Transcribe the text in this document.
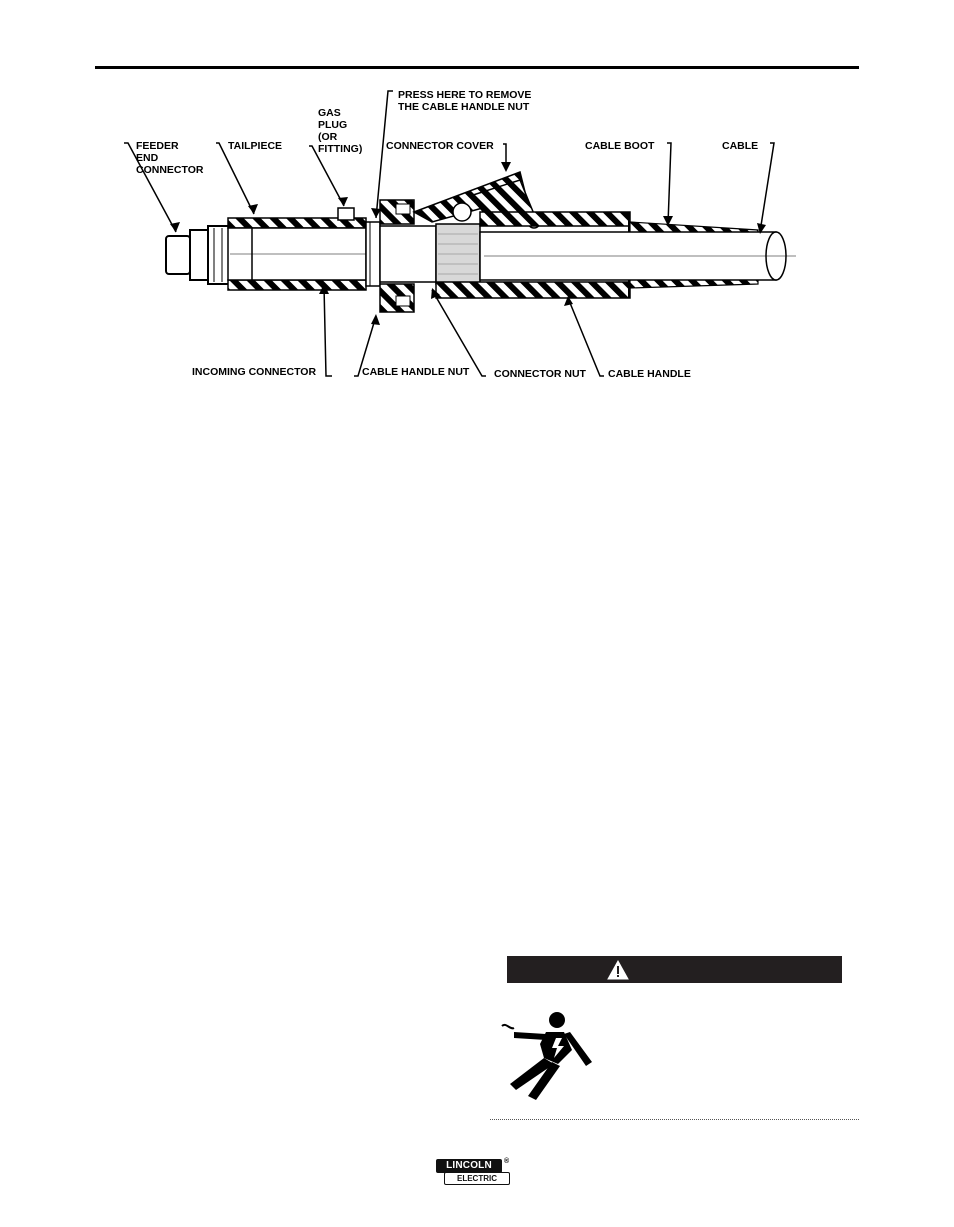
PRESS HERE TO REMOVE
THE CABLE HANDLE NUT
GAS
PLUG
(OR
FITTING)
FEEDER
END
CONNECTOR
TAILPIECE	CONNECTOR COVER	CABLE BOOT	CABLE
INCOMING CONNECTOR	CABLE HANDLE NUT CONNECTOR NUT CABLE HANDLE
LINCOLN	®
ELECTRIC
